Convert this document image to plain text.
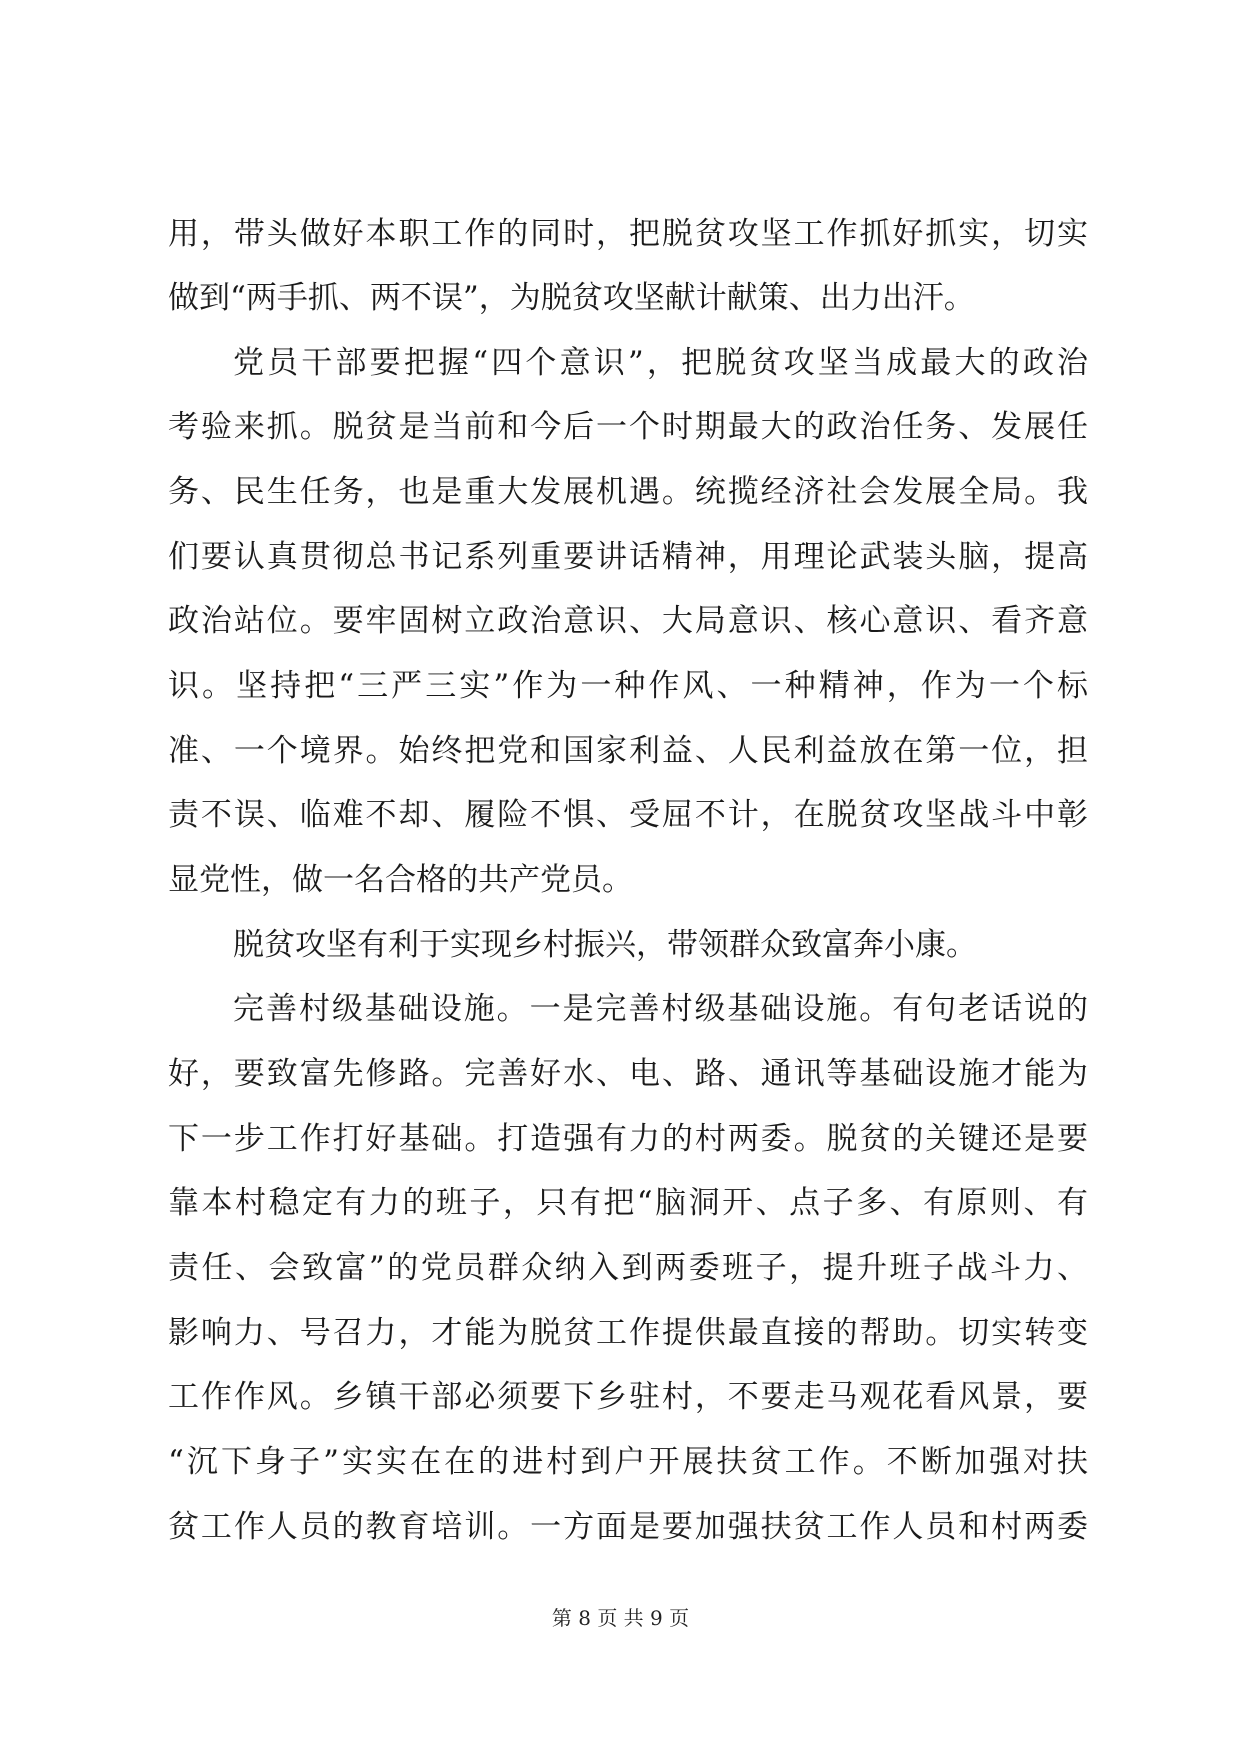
用，带头做好本职工作的同时，把脱贫攻坚工作抓好抓实，切实
做到“两手抓、两不误”，为脱贫攻坚献计献策、出力出汗。
党员干部要把握“四个意识”，把脱贫攻坚当成最大的政治
考验来抓。脱贫是当前和今后一个时期最大的政治任务、发展任
务、民生任务，也是重大发展机遇。统揽经济社会发展全局。我
们要认真贯彻总书记系列重要讲话精神，用理论武装头脑，提高
政治站位。要牢固树立政治意识、大局意识、核心意识、看齐意
识。坚持把“三严三实”作为一种作风、一种精神，作为一个标
准、一个境界。始终把党和国家利益、人民利益放在第一位，担
责不误、临难不却、履险不惧、受屈不计，在脱贫攻坚战斗中彰
显党性，做一名合格的共产党员。
脱贫攻坚有利于实现乡村振兴，带领群众致富奔小康。
完善村级基础设施。一是完善村级基础设施。有句老话说的
好，要致富先修路。完善好水、电、路、通讯等基础设施才能为
下一步工作打好基础。打造强有力的村两委。脱贫的关键还是要
靠本村稳定有力的班子，只有把“脑洞开、点子多、有原则、有
责任、会致富”的党员群众纳入到两委班子，提升班子战斗力、
影响力、号召力，才能为脱贫工作提供最直接的帮助。切实转变
工作作风。乡镇干部必须要下乡驻村，不要走马观花看风景，要
“沉下身子”实实在在的进村到户开展扶贫工作。不断加强对扶
贫工作人员的教育培训。一方面是要加强扶贫工作人员和村两委
第 8 页 共 9 页
